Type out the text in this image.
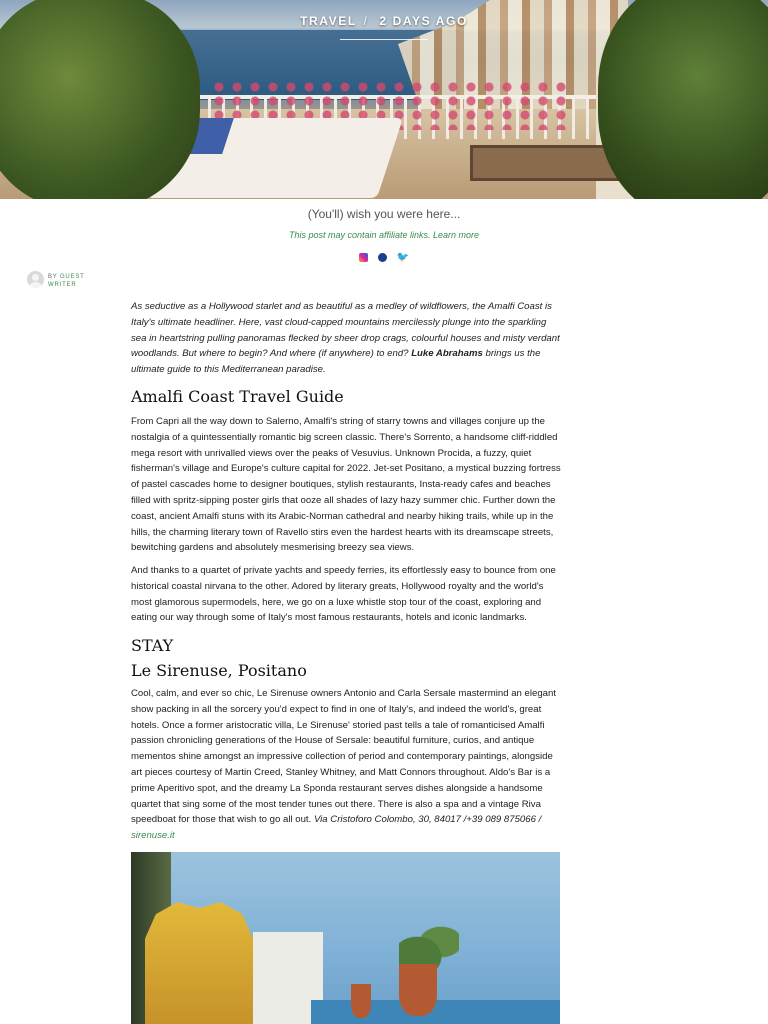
TRAVEL / 2 DAYS AGO
(You'll) wish you were here...
This post may contain affiliate links. Learn more
🐦
BY GUEST
WRITER

As seductive as a Hollywood starlet and as beautiful as a medley of wildflowers, the Amalfi Coast is Italy's ultimate headliner. Here, vast cloud-capped mountains mercilessly plunge into the sparkling sea in heartstring pulling panoramas flecked by sheer drop crags, colourful houses and misty verdant woodlands. But where to begin? And where (if anywhere) to end? Luke Abrahams brings us the ultimate guide to this Mediterranean paradise.

Amalfi Coast Travel Guide

From Capri all the way down to Salerno, Amalfi's string of starry towns and villages conjure up the nostalgia of a quintessentially romantic big screen classic. There's Sorrento, a handsome cliff-riddled mega resort with unrivalled views over the peaks of Vesuvius. Unknown Procida, a fuzzy, quiet fisherman's village and Europe's culture capital for 2022. Jet-set Positano, a mystical buzzing fortress of pastel cascades home to designer boutiques, stylish restaurants, Insta-ready cafes and beaches filled with spritz-sipping poster girls that ooze all shades of lazy hazy summer chic. Further down the coast, ancient Amalfi stuns with its Arabic-Norman cathedral and nearby hiking trails, while up in the hills, the charming literary town of Ravello stirs even the hardest hearts with its dreamscape streets, bewitching gardens and absolutely mesmerising breezy sea views.

And thanks to a quartet of private yachts and speedy ferries, its effortlessly easy to bounce from one historical coastal nirvana to the other. Adored by literary greats, Hollywood royalty and the world's most glamorous supermodels, here, we go on a luxe whistle stop tour of the coast, exploring and eating our way through some of Italy's most famous restaurants, hotels and iconic landmarks.

STAY
Le Sirenuse, Positano

Cool, calm, and ever so chic, Le Sirenuse owners Antonio and Carla Sersale mastermind an elegant show packing in all the sorcery you'd expect to find in one of Italy's, and indeed the world's, great hotels. Once a former aristocratic villa, Le Sirenuse' storied past tells a tale of romanticised Amalfi passion chronicling generations of the House of Sersale: beautiful furniture, curios, and antique mementos shine amongst an impressive collection of period and contemporary paintings, alongside art pieces courtesy of Martin Creed, Stanley Whitney, and Matt Connors throughout. Aldo's Bar is a prime Aperitivo spot, and the dreamy La Sponda restaurant serves dishes alongside a handsome quartet that sing some of the most tender tunes out there. There is also a spa and a vintage Riva speedboat for those that wish to go all out. Via Cristoforo Colombo, 30, 84017 /+39 089 875066 / sirenuse.it
